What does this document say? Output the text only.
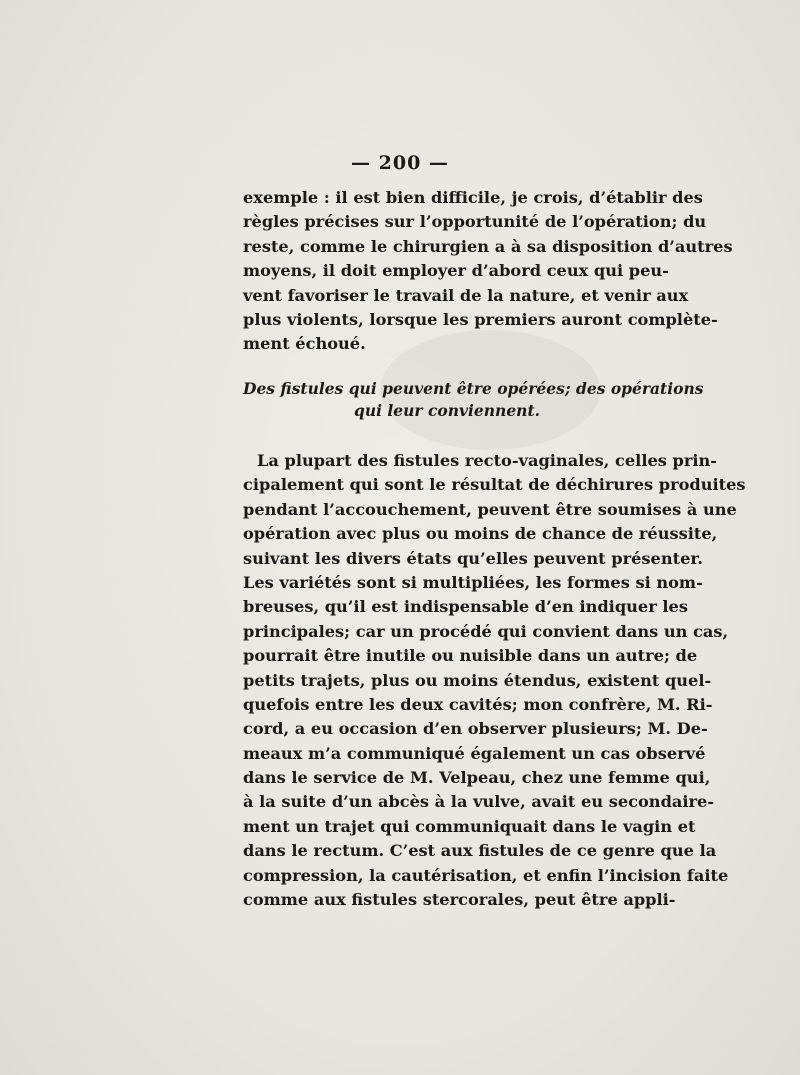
— 200 —
exemple : il est bien difficile, je crois, d’établir des
règles précises sur l’opportunité de l’opération; du
reste, comme le chirurgien a à sa disposition d’autres
moyens, il doit employer d’abord ceux qui peu-
vent favoriser le travail de la nature, et venir aux
plus violents, lorsque les premiers auront complète-
ment échoué.
Des fistules qui peuvent être opérées; des opérations
qui leur conviennent.
La plupart des fistules recto-vaginales, celles prin-
cipalement qui sont le résultat de déchirures produites
pendant l’accouchement, peuvent être soumises à une
opération avec plus ou moins de chance de réussite,
suivant les divers états qu’elles peuvent présenter.
Les variétés sont si multipliées, les formes si nom-
breuses, qu’il est indispensable d’en indiquer les
principales; car un procédé qui convient dans un cas,
pourrait être inutile ou nuisible dans un autre; de
petits trajets, plus ou moins étendus, existent quel-
quefois entre les deux cavités; mon confrère, M. Ri-
cord, a eu occasion d’en observer plusieurs; M. De-
meaux m’a communiqué également un cas observé
dans le service de M. Velpeau, chez une femme qui,
à la suite d’un abcès à la vulve, avait eu secondaire-
ment un trajet qui communiquait dans le vagin et
dans le rectum. C’est aux fistules de ce genre que la
compression, la cautérisation, et enfin l’incision faite
comme aux fistules stercorales, peut être appli-
